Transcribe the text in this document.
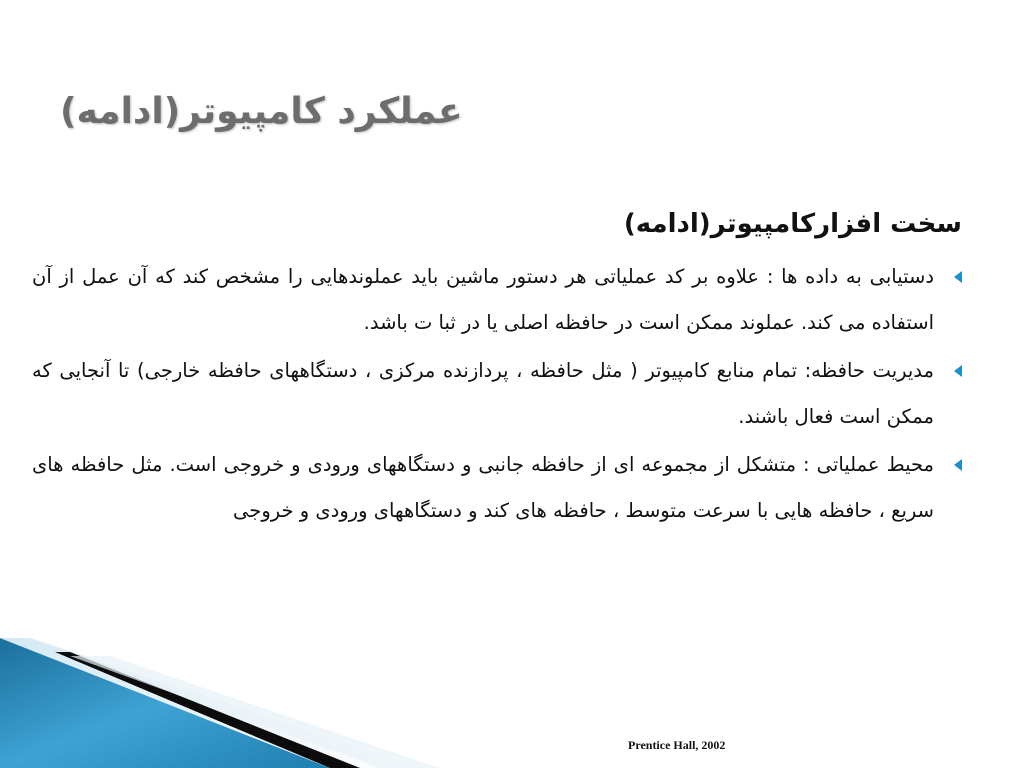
عملکرد کامپیوتر(ادامه)
سخت افزارکامپیوتر(ادامه)
دستیابی به داده ها : علاوه بر کد عملیاتی هر دستور ماشین باید عملوندهایی را مشخص کند که آن عمل از آن استفاده می کند. عملوند ممکن است در حافظه اصلی یا در ثبا ت باشد.
مدیریت حافظه: تمام منابع کامپیوتر ( مثل حافظه ، پردازنده مرکزی ، دستگاههای حافظه خارجی) تا آنجایی که ممکن است فعال باشند.
محیط عملیاتی : متشکل از مجموعه ای از حافظه جانبی و دستگاههای ورودی و خروجی است. مثل حافظه های سریع ، حافظه هایی با سرعت متوسط ، حافظه های کند و دستگاههای ورودی و خروجی
Prentice Hall, 2002
